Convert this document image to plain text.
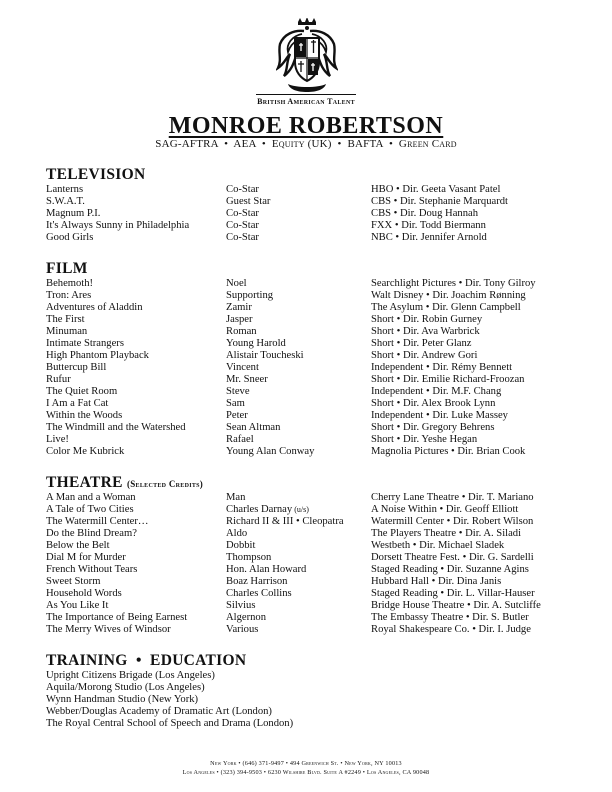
British American Talent
MONROE ROBERTSON
SAG-AFTRA  •  AEA  •  Equity (UK)  •  BAFTA  •  Green Card
TELEVISION
Lanterns	Co-Star	HBO • Dir. Geeta Vasant Patel
S.W.A.T.	Guest Star	CBS • Dir. Stephanie Marquardt
Magnum P.I.	Co-Star	CBS • Dir. Doug Hannah
It's Always Sunny in Philadelphia	Co-Star	FXX • Dir. Todd Biermann
Good Girls	Co-Star	NBC • Dir. Jennifer Arnold
FILM
Behemoth!	Noel	Searchlight Pictures • Dir. Tony Gilroy
Tron: Ares	Supporting	Walt Disney • Dir. Joachim Rønning
Adventures of Aladdin	Zamir	The Asylum • Dir. Glenn Campbell
The First	Jasper	Short • Dir. Robin Gurney
Minuman	Roman	Short • Dir. Ava Warbrick
Intimate Strangers	Young Harold	Short • Dir. Peter Glanz
High Phantom Playback	Alistair Toucheski	Short • Dir. Andrew Gori
Buttercup Bill	Vincent	Independent • Dir. Rémy Bennett
Rufur	Mr. Sneer	Short • Dir. Emilie Richard-Froozan
The Quiet Room	Steve	Independent • Dir. M.F. Chang
I Am a Fat Cat	Sam	Short • Dir. Alex Brook Lynn
Within the Woods	Peter	Independent • Dir. Luke Massey
The Windmill and the Watershed	Sean Altman	Short • Dir. Gregory Behrens
Live!	Rafael	Short • Dir. Yeshe Hegan
Color Me Kubrick	Young Alan Conway	Magnolia Pictures • Dir. Brian Cook
THEATRE (Selected Credits)
A Man and a Woman	Man	Cherry Lane Theatre • Dir. T. Mariano
A Tale of Two Cities	Charles Darnay (u/s)	A Noise Within • Dir. Geoff Elliott
The Watermill Center…	Richard II & III • Cleopatra	Watermill Center • Dir. Robert Wilson
Do the Blind Dream?	Aldo	The Players Theatre • Dir. A. Siladi
Below the Belt	Dobbit	Westbeth • Dir. Michael Sladek
Dial M for Murder	Thompson	Dorsett Theatre Fest. • Dir. G. Sardelli
French Without Tears	Hon. Alan Howard	Staged Reading • Dir. Suzanne Agins
Sweet Storm	Boaz Harrison	Hubbard Hall • Dir. Dina Janis
Household Words	Charles Collins	Staged Reading • Dir. L. Villar-Hauser
As You Like It	Silvius	Bridge House Theatre • Dir. A. Sutcliffe
The Importance of Being Earnest	Algernon	The Embassy Theatre • Dir. S. Butler
The Merry Wives of Windsor	Various	Royal Shakespeare Co. • Dir. I. Judge
TRAINING  •  EDUCATION
Upright Citizens Brigade (Los Angeles)
Aquila/Morong Studio (Los Angeles)
Wynn Handman Studio (New York)
Webber/Douglas Academy of Dramatic Art (London)
The Royal Central School of Speech and Drama (London)
New York • (646) 371-9497 • 494 Greenwich St. • New York, NY 10013
Los Angeles • (323) 394-9503 • 6230 Wilshire Blvd. Suite A #2249 • Los Angeles, CA 90048
